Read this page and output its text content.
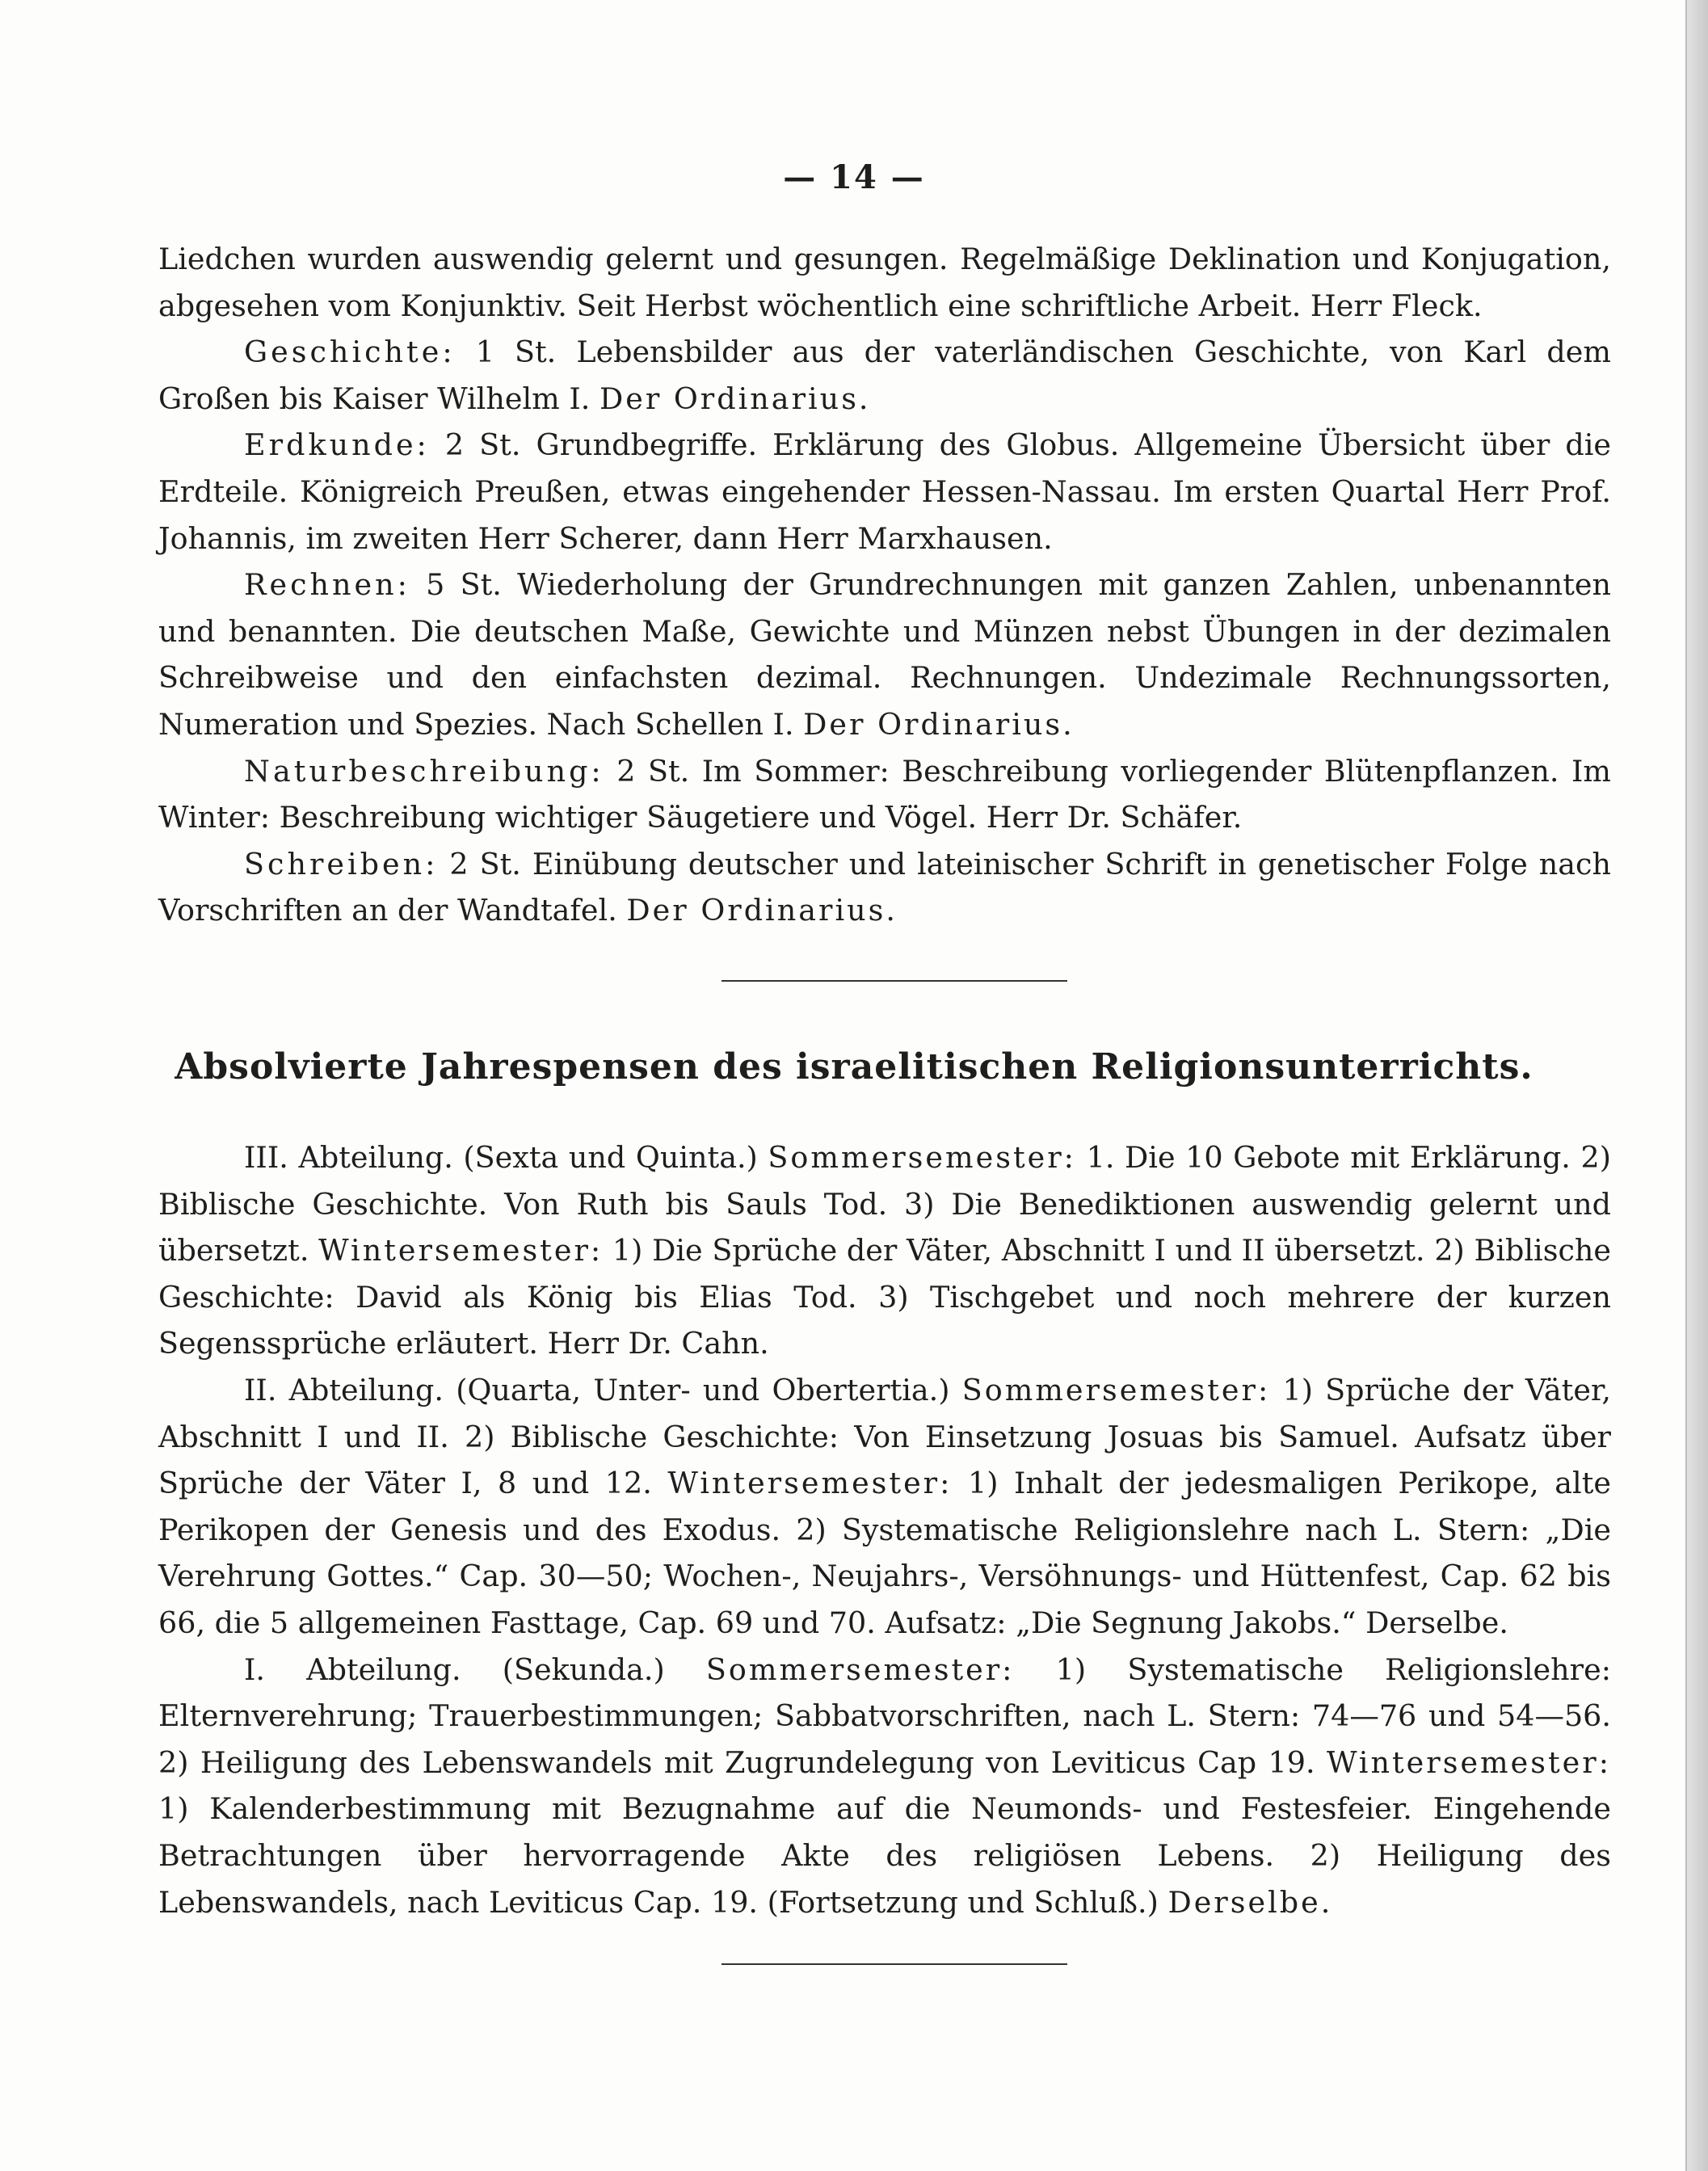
— 14 —

Liedchen wurden auswendig gelernt und gesungen. Regelmäßige Deklination und Konjugation, abgesehen vom Konjunktiv. Seit Herbst wöchentlich eine schriftliche Arbeit. Herr Fleck.

Geschichte: 1 St. Lebensbilder aus der vaterländischen Geschichte, von Karl dem Großen bis Kaiser Wilhelm I. Der Ordinarius.

Erdkunde: 2 St. Grundbegriffe. Erklärung des Globus. Allgemeine Übersicht über die Erdteile. Königreich Preußen, etwas eingehender Hessen-Nassau. Im ersten Quartal Herr Prof. Johannis, im zweiten Herr Scherer, dann Herr Marxhausen.

Rechnen: 5 St. Wiederholung der Grundrechnungen mit ganzen Zahlen, unbenannten und benannten. Die deutschen Maße, Gewichte und Münzen nebst Übungen in der dezimalen Schreibweise und den einfachsten dezimal. Rechnungen. Undezimale Rechnungssorten, Numeration und Spezies. Nach Schellen I. Der Ordinarius.

Naturbeschreibung: 2 St. Im Sommer: Beschreibung vorliegender Blütenpflanzen. Im Winter: Beschreibung wichtiger Säugetiere und Vögel. Herr Dr. Schäfer.

Schreiben: 2 St. Einübung deutscher und lateinischer Schrift in genetischer Folge nach Vorschriften an der Wandtafel. Der Ordinarius.

Absolvierte Jahrespensen des israelitischen Religionsunterrichts.

III. Abteilung. (Sexta und Quinta.) Sommersemester: 1. Die 10 Gebote mit Erklärung. 2) Biblische Geschichte. Von Ruth bis Sauls Tod. 3) Die Benediktionen auswendig gelernt und übersetzt. Wintersemester: 1) Die Sprüche der Väter, Abschnitt I und II übersetzt. 2) Biblische Geschichte: David als König bis Elias Tod. 3) Tischgebet und noch mehrere der kurzen Segenssprüche erläutert. Herr Dr. Cahn.

II. Abteilung. (Quarta, Unter- und Obertertia.) Sommersemester: 1) Sprüche der Väter, Abschnitt I und II. 2) Biblische Geschichte: Von Einsetzung Josuas bis Samuel. Aufsatz über Sprüche der Väter I, 8 und 12. Wintersemester: 1) Inhalt der jedesmaligen Perikope, alte Perikopen der Genesis und des Exodus. 2) Systematische Religionslehre nach L. Stern: „Die Verehrung Gottes.“ Cap. 30—50; Wochen-, Neujahrs-, Versöhnungs- und Hüttenfest, Cap. 62 bis 66, die 5 allgemeinen Fasttage, Cap. 69 und 70. Aufsatz: „Die Segnung Jakobs.“ Derselbe.

I. Abteilung. (Sekunda.) Sommersemester: 1) Systematische Religionslehre: Elternverehrung; Trauerbestimmungen; Sabbatvorschriften, nach L. Stern: 74—76 und 54—56. 2) Heiligung des Lebenswandels mit Zugrundelegung von Leviticus Cap 19. Wintersemester: 1) Kalenderbestimmung mit Bezugnahme auf die Neumonds- und Festesfeier. Eingehende Betrachtungen über hervorragende Akte des religiösen Lebens. 2) Heiligung des Lebenswandels, nach Leviticus Cap. 19. (Fortsetzung und Schluß.) Derselbe.
